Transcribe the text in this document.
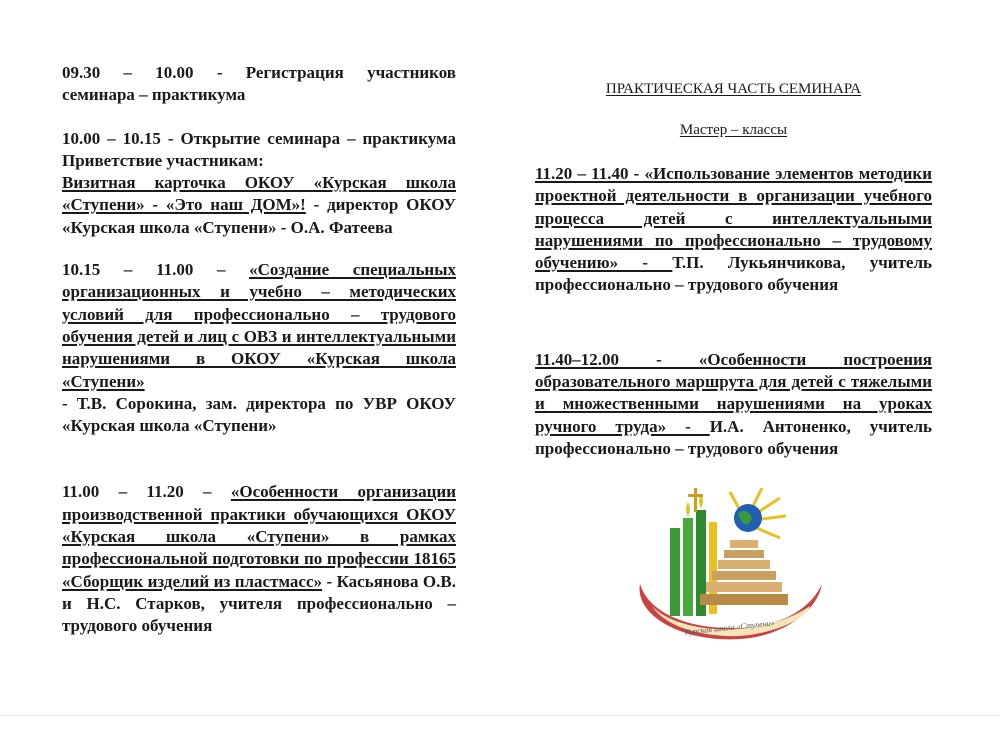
09.30 – 10.00 - Регистрация участников
семинара – практикума
10.00 – 10.15 - Открытие семинара – практикума
Приветствие участникам:
Визитная карточка ОКОУ «Курская школа
«Ступени» - «Это наш ДОМ»! - директор ОКОУ
«Курская школа «Ступени» - О.А. Фатеева
10.15 – 11.00 – «Создание специальных
организационных и учебно – методических
условий для профессионально – трудового
обучения детей и лиц с ОВЗ и интеллектуальными
нарушениями в ОКОУ «Курская школа «Ступени»
- Т.В. Сорокина, зам. директора по УВР ОКОУ
«Курская школа «Ступени»
11.00 – 11.20 – «Особенности организации
производственной практики обучающихся ОКОУ
«Курская школа «Ступени» в рамках
профессиональной подготовки по профессии 18165
«Сборщик изделий из пластмасс» - Касьянова О.В.
и Н.С. Старков, учителя профессионально –
трудового обучения
ПРАКТИЧЕСКАЯ ЧАСТЬ СЕМИНАРА
Мастер – классы
11.20 – 11.40 - «Использование элементов методики
проектной деятельности в организации учебного
процесса детей с интеллектуальными
нарушениями по профессионально – трудовому
обучению» - Т.П. Лукьянчикова, учитель
профессионально – трудового обучения
11.40–12.00 - «Особенности построения
образовательного маршрута для детей с тяжелыми
и множественными нарушениями на уроках
ручного труда» - И.А. Антоненко, учитель
профессионально – трудового обучения
Курская школа «Ступени»
